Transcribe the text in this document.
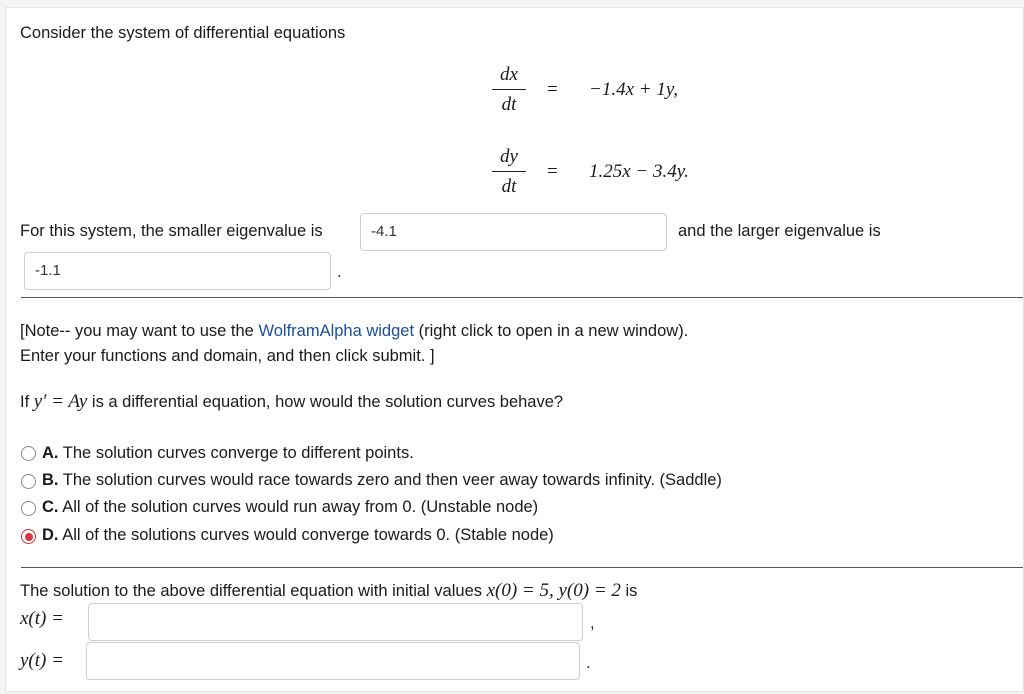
Consider the system of differential equations
dx
dt
= −1.4x + 1y,
dy
dt
= 1.25x − 3.4y.
For this system, the smaller eigenvalue is	-4.1	and the larger eigenvalue is
-1.1	.
[Note-- you may want to use the WolframAlpha widget (right click to open in a new window).
Enter your functions and domain, and then click submit. ]
If y′ = Ay is a differential equation, how would the solution curves behave?
A. The solution curves converge to different points.
B. The solution curves would race towards zero and then veer away towards infinity. (Saddle)
C. All of the solution curves would run away from 0. (Unstable node)
D. All of the solutions curves would converge towards 0. (Stable node)
The solution to the above differential equation with initial values x(0) = 5, y(0) = 2 is
x(t) =	,
y(t) =	.
